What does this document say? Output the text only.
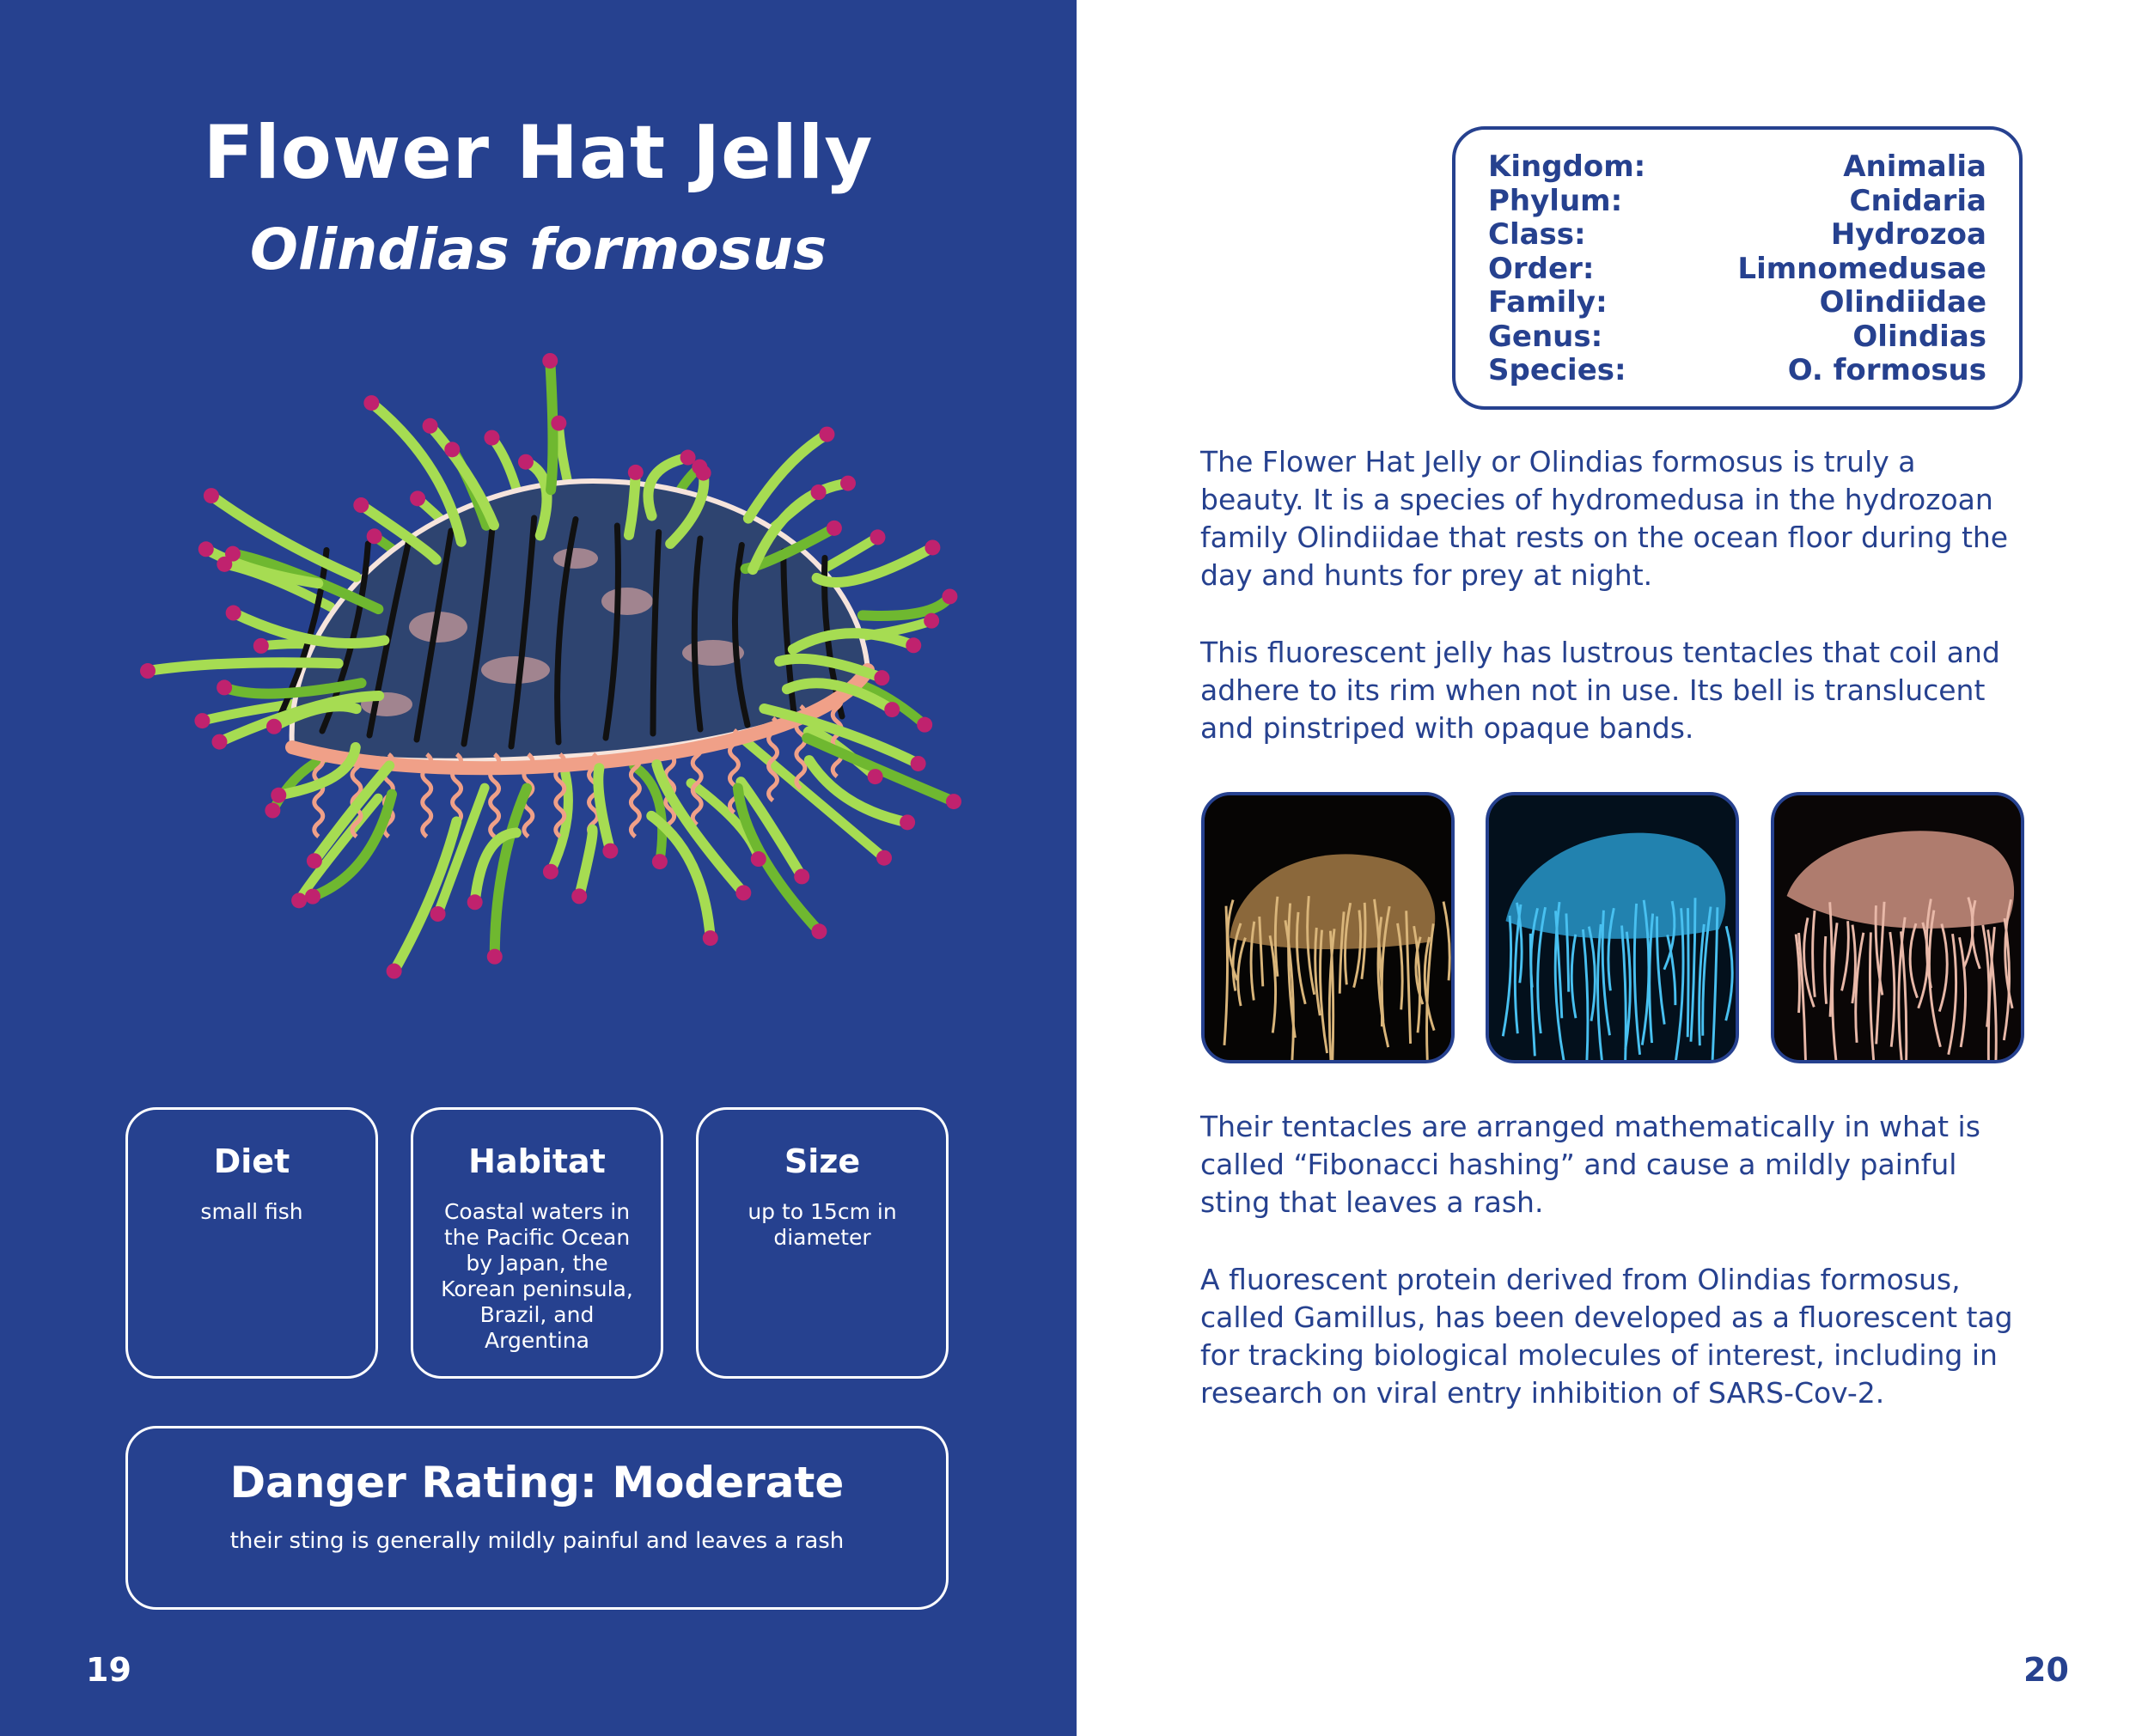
Flower Hat Jelly
Olindias formosus
Diet

small fish

Habitat

Coastal waters in the Pacific Ocean by Japan, the Korean peninsula, Brazil, and Argentina

Size

up to 15cm in diameter

Danger Rating: Moderate

their sting is generally mildly painful and leaves a rash

19
Kingdom:	Animalia
Phylum:	Cnidaria
Class:	Hydrozoa
Order:	Limnomedusae
Family:	Olindiidae
Genus:	Olindias
Species:	O. formosus

The Flower Hat Jelly or Olindias formosus is truly a beauty. It is a species of hydromedusa in the hydrozoan family Olindiidae that rests on the ocean floor during the day and hunts for prey at night.

This fluorescent jelly has lustrous tentacles that coil and adhere to its rim when not in use. Its bell is translucent and pinstriped with opaque bands.

Their tentacles are arranged mathematically in what is called “Fibonacci hashing” and cause a mildly painful sting that leaves a rash.

A fluorescent protein derived from Olindias formosus, called Gamillus, has been developed as a fluorescent tag for tracking biological molecules of interest, including in research on viral entry inhibition of SARS-Cov-2.

20
